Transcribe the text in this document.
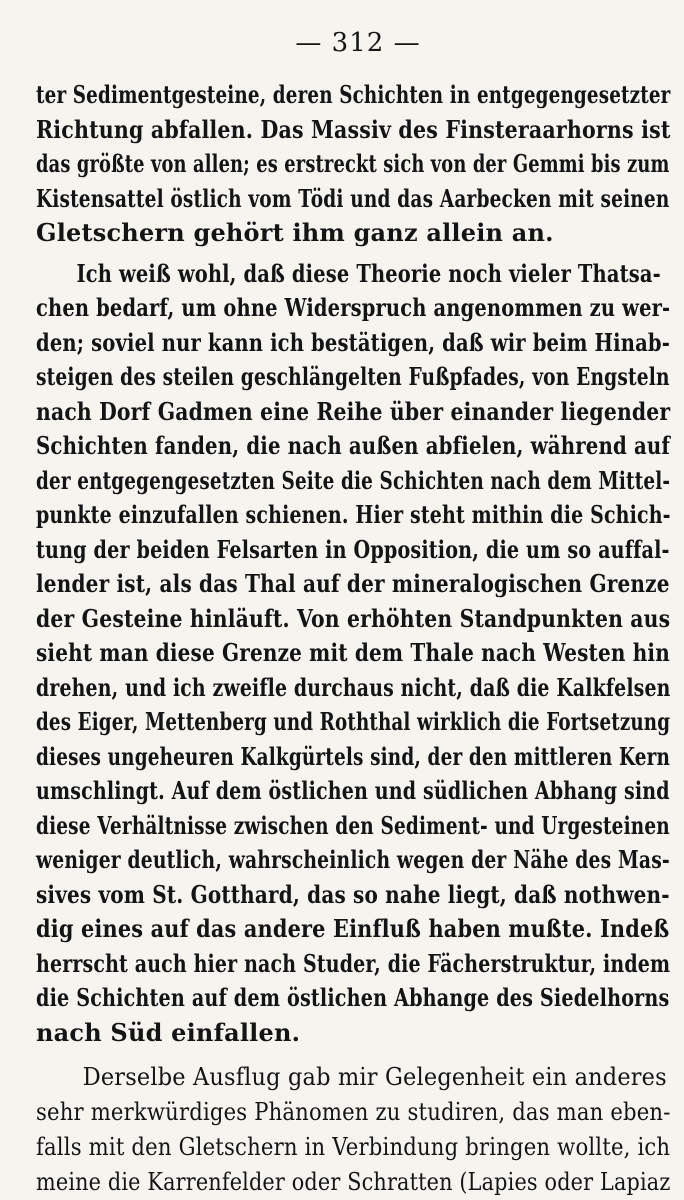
— 312 —
ter Sedimentgesteine, deren Schichten in entgegengesetzter
Richtung abfallen. Das Massiv des Finsteraarhorns ist
das größte von allen; es erstreckt sich von der Gemmi bis zum
Kistensattel östlich vom Tödi und das Aarbecken mit seinen
Gletschern gehört ihm ganz allein an.
Ich weiß wohl, daß diese Theorie noch vieler Thatsa-
chen bedarf, um ohne Widerspruch angenommen zu wer-
den; soviel nur kann ich bestätigen, daß wir beim Hinab-
steigen des steilen geschlängelten Fußpfades, von Engsteln
nach Dorf Gadmen eine Reihe über einander liegender
Schichten fanden, die nach außen abfielen, während auf
der entgegengesetzten Seite die Schichten nach dem Mittel-
punkte einzufallen schienen. Hier steht mithin die Schich-
tung der beiden Felsarten in Opposition, die um so auffal-
lender ist, als das Thal auf der mineralogischen Grenze
der Gesteine hinläuft. Von erhöhten Standpunkten aus
sieht man diese Grenze mit dem Thale nach Westen hin
drehen, und ich zweifle durchaus nicht, daß die Kalkfelsen
des Eiger, Mettenberg und Roththal wirklich die Fortsetzung
dieses ungeheuren Kalkgürtels sind, der den mittleren Kern
umschlingt. Auf dem östlichen und südlichen Abhang sind
diese Verhältnisse zwischen den Sediment- und Urgesteinen
weniger deutlich, wahrscheinlich wegen der Nähe des Mas-
sives vom St. Gotthard, das so nahe liegt, daß nothwen-
dig eines auf das andere Einfluß haben mußte. Indeß
herrscht auch hier nach Studer, die Fächerstruktur, indem
die Schichten auf dem östlichen Abhange des Siedelhorns
nach Süd einfallen.
Derselbe Ausflug gab mir Gelegenheit ein anderes
sehr merkwürdiges Phänomen zu studiren, das man eben-
falls mit den Gletschern in Verbindung bringen wollte, ich
meine die Karrenfelder oder Schratten (Lapies oder Lapiaz
